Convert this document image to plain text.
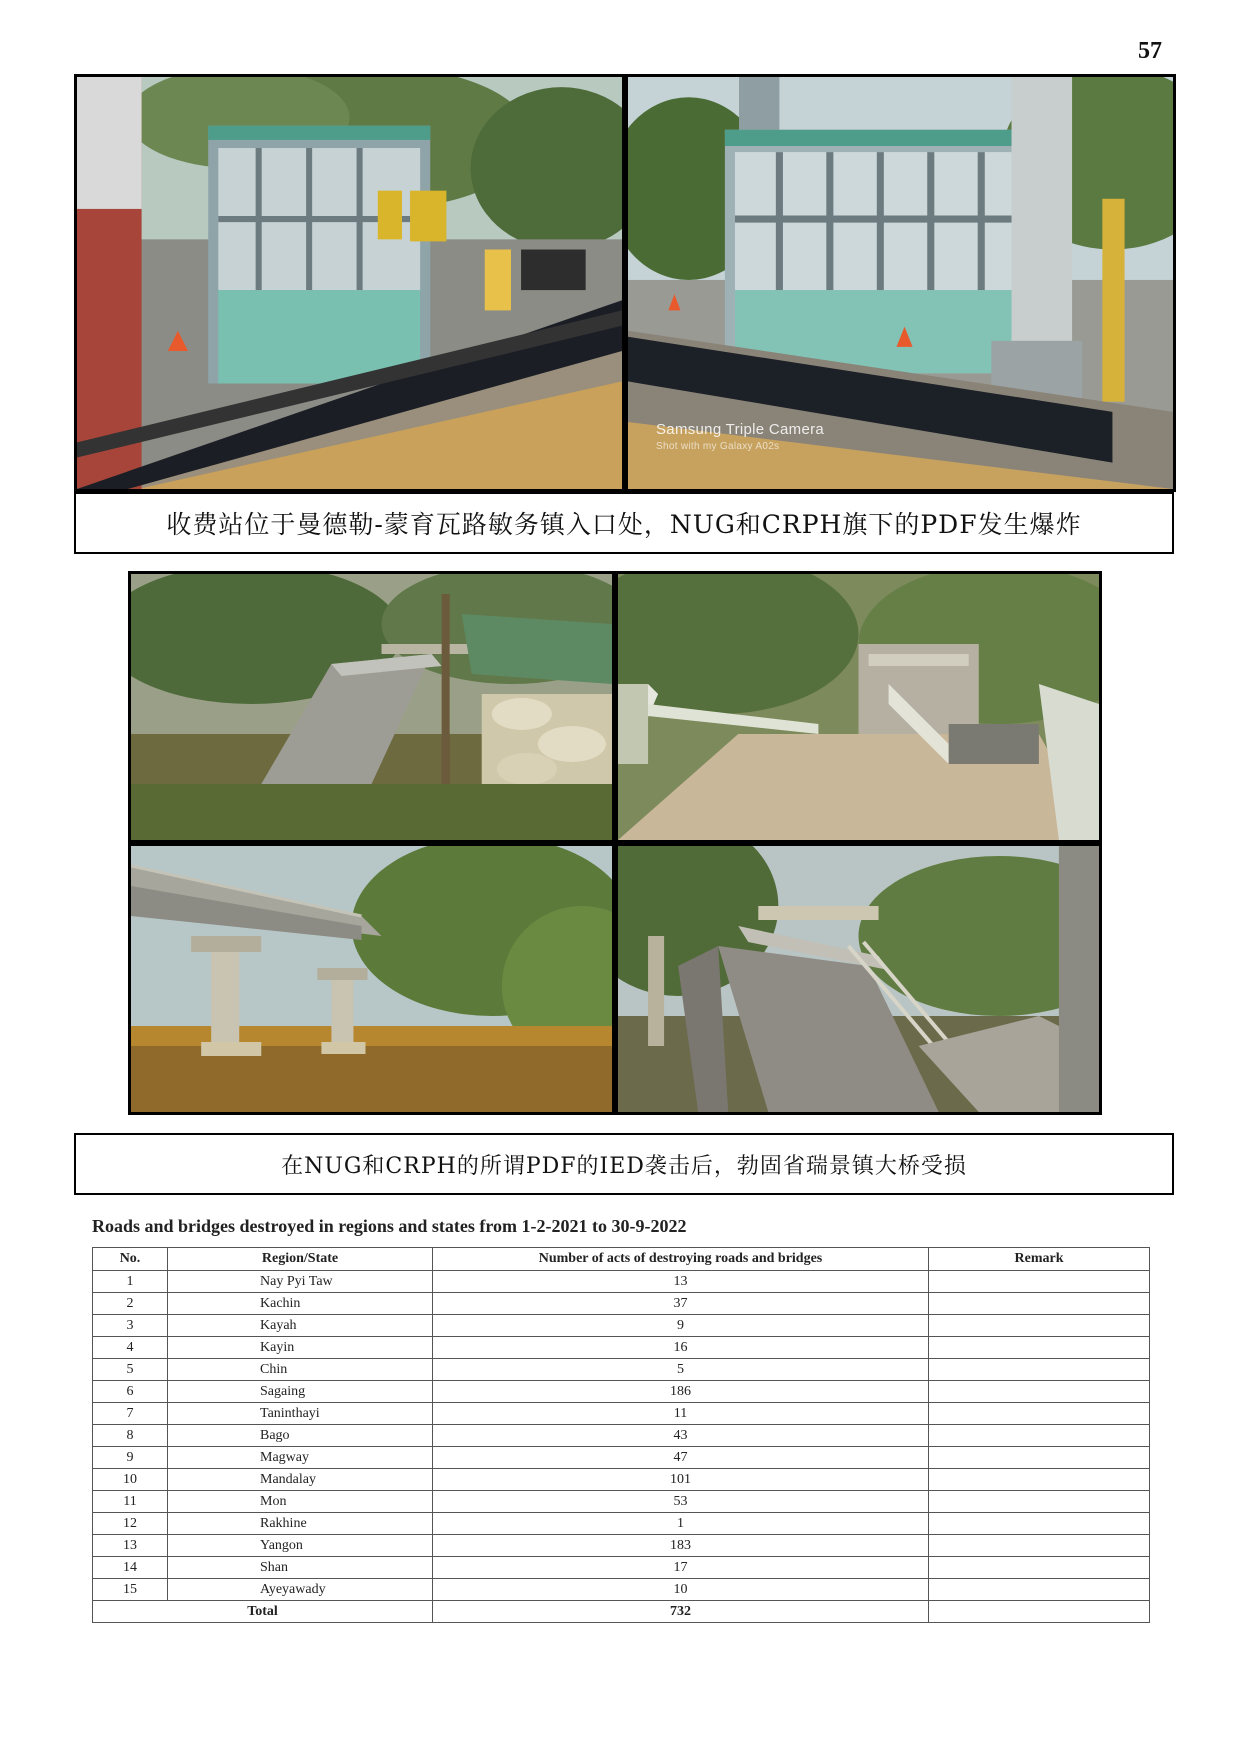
57
Samsung Triple Camera
Shot with my Galaxy A02s
收费站位于曼德勒-蒙育瓦路敏务镇入口处，NUG和CRPH旗下的PDF发生爆炸
在NUG和CRPH的所谓PDF的IED袭击后，勃固省瑞景镇大桥受损
Roads and bridges destroyed in regions and states from 1-2-2021 to 30-9-2022
No.	Region/State	Number of acts of destroying roads and bridges	Remark
1	Nay Pyi Taw	13	
2	Kachin	37	
3	Kayah	9	
4	Kayin	16	
5	Chin	5	
6	Sagaing	186	
7	Taninthayi	11	
8	Bago	43	
9	Magway	47	
10	Mandalay	101	
11	Mon	53	
12	Rakhine	1	
13	Yangon	183	
14	Shan	17	
15	Ayeyawady	10	
Total		732	
